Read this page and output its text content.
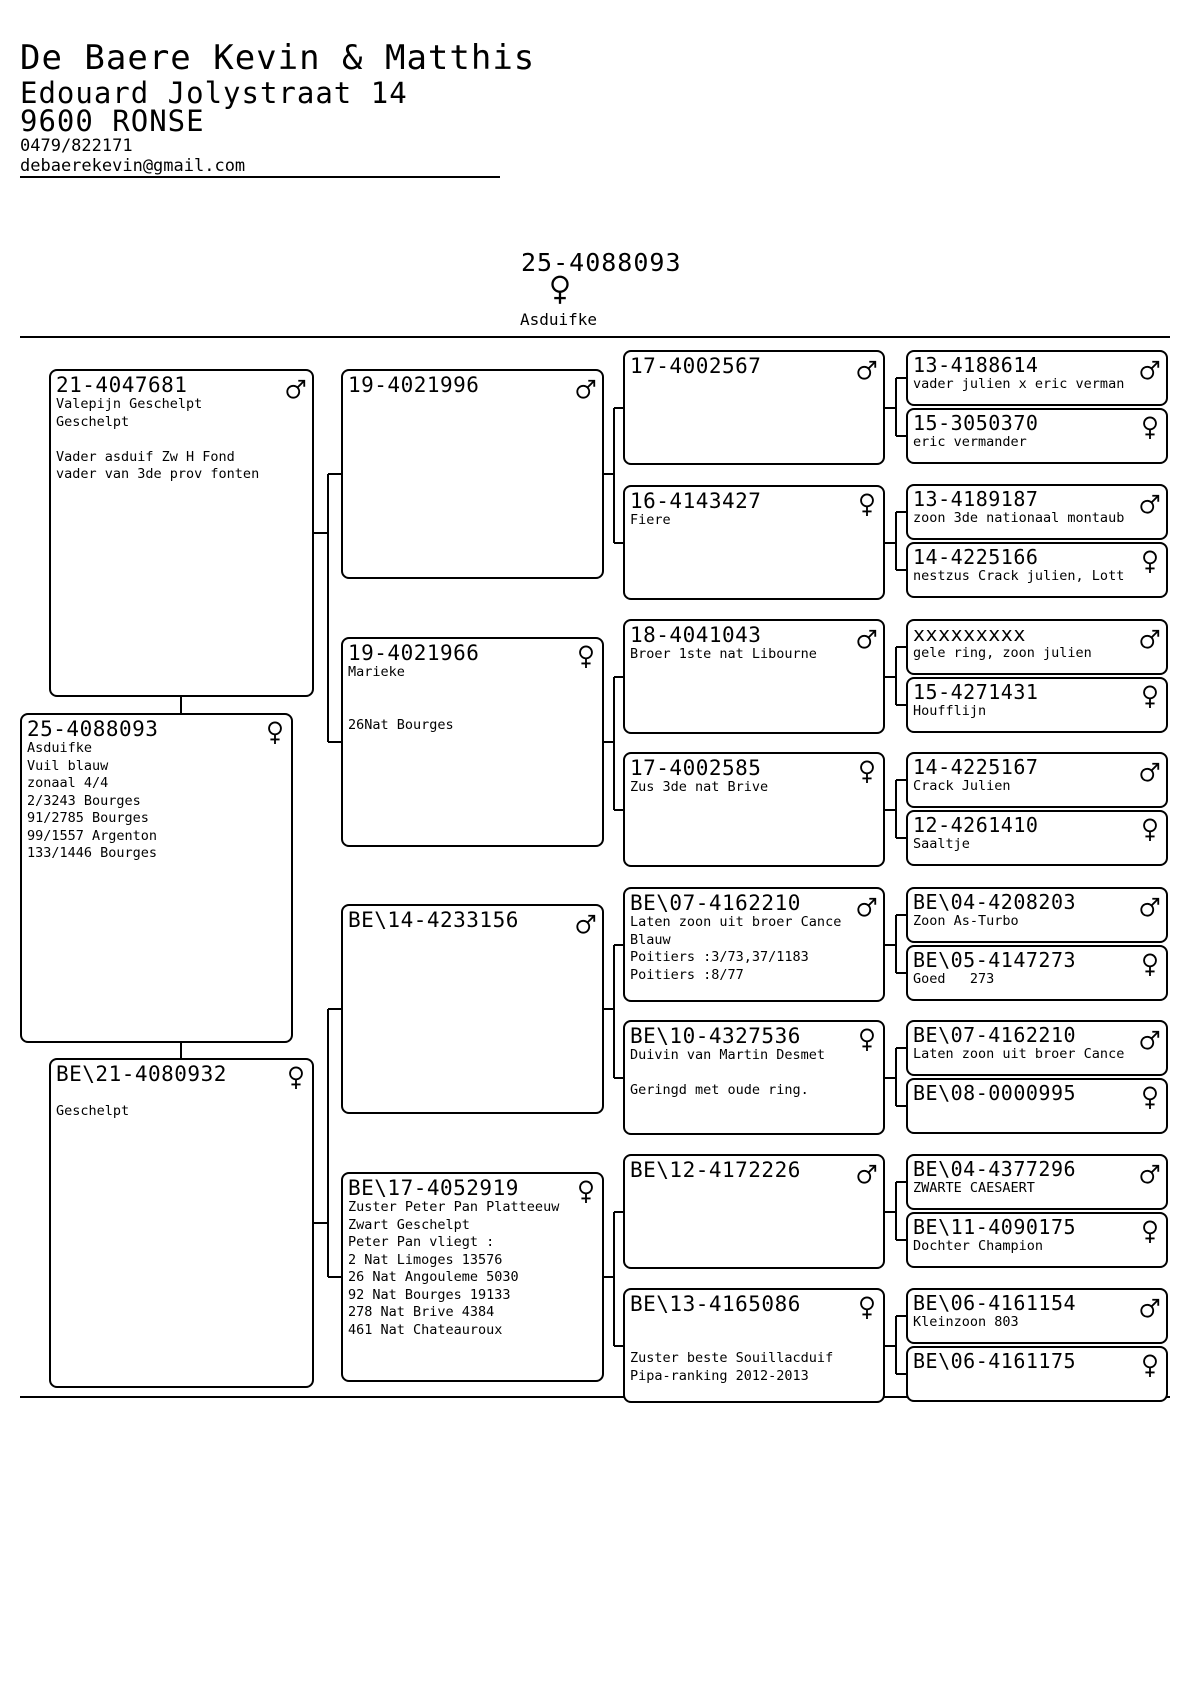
De Baere Kevin & Matthis
Edouard Jolystraat 14
9600 RONSE
0479/822171
debaerekevin@gmail.com
25-4088093
Asduifke
25-4088093
Asduifke
Vuil blauw
zonaal 4/4
2/3243 Bourges
91/2785 Bourges
99/1557 Argenton
133/1446 Bourges
21-4047681
Valepijn Geschelpt
Geschelpt

Vader asduif Zw H Fond
vader van 3de prov fonten
BE\21-4080932

Geschelpt
19-4021996
19-4021966
Marieke

26Nat Bourges
BE\14-4233156
BE\17-4052919
Zuster Peter Pan Platteeuw
Zwart Geschelpt
Peter Pan vliegt :
2 Nat Limoges 13576
26 Nat Angouleme 5030
92 Nat Bourges 19133
278 Nat Brive 4384
461 Nat Chateauroux
17-4002567
16-4143427
Fiere
18-4041043
Broer 1ste nat Libourne
17-4002585
Zus 3de nat Brive
BE\07-4162210
Laten zoon uit broer Cance
Blauw
Poitiers :3/73,37/1183
Poitiers :8/77
BE\10-4327536
Duivin van Martin Desmet

Geringd met oude ring.
BE\12-4172226
BE\13-4165086

Zuster beste Souillacduif
Pipa-ranking 2012-2013
13-4188614
vader julien x eric verman
15-3050370
eric vermander
13-4189187
zoon 3de nationaal montaub
14-4225166
nestzus Crack julien, Lott
xxxxxxxxx
gele ring, zoon julien
15-4271431
Houfflijn
14-4225167
Crack Julien
12-4261410
Saaltje
BE\04-4208203
Zoon As-Turbo
BE\05-4147273
Goed   273
BE\07-4162210
Laten zoon uit broer Cance
BE\08-0000995
BE\04-4377296
ZWARTE CAESAERT
BE\11-4090175
Dochter Champion
BE\06-4161154
Kleinzoon 803
BE\06-4161175
